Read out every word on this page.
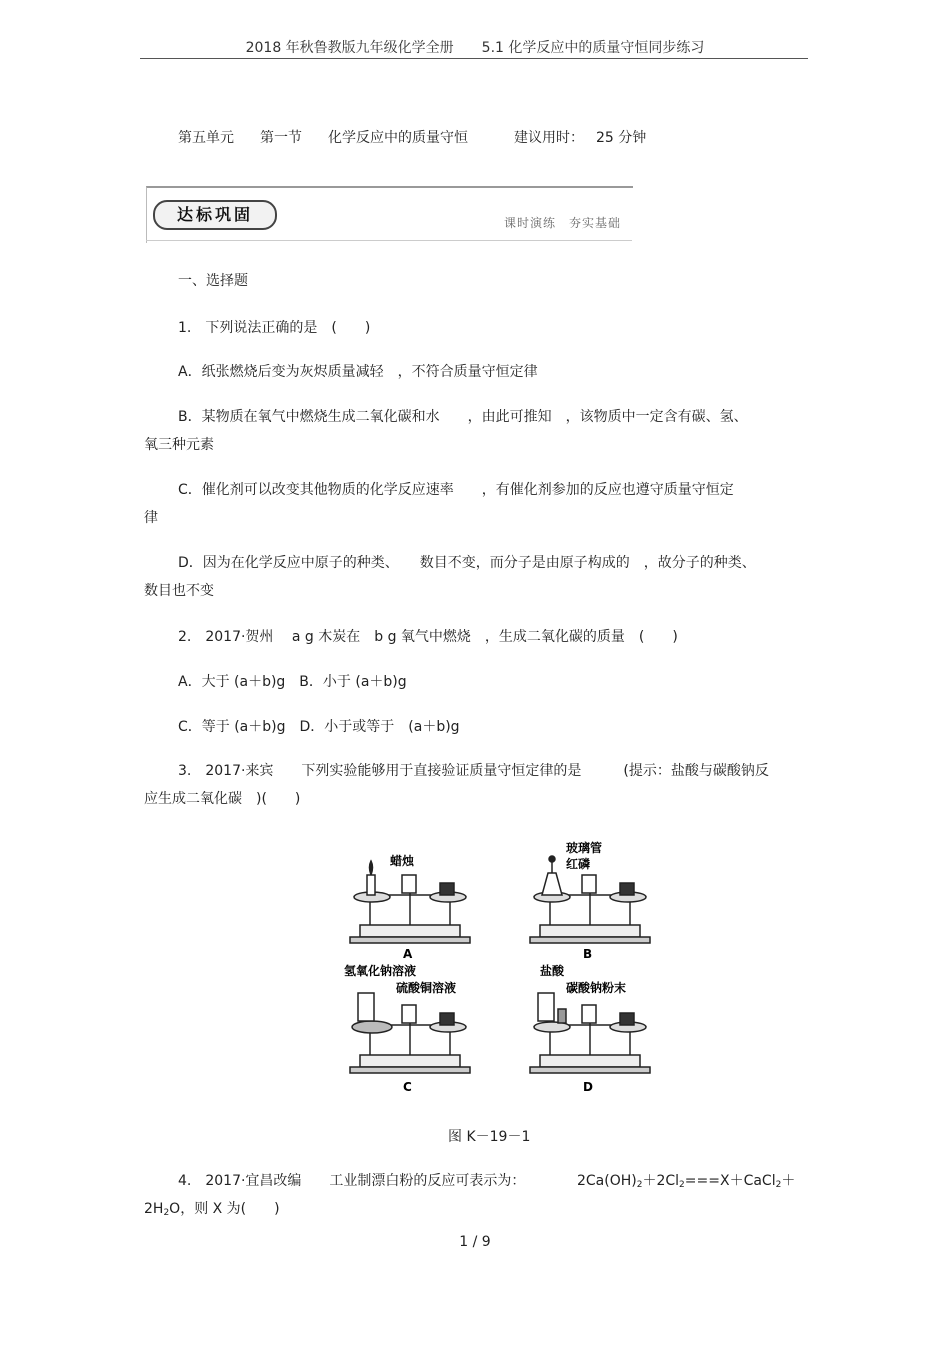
2018 年秋鲁教版九年级化学全册　　5.1 化学反应中的质量守恒同步练习
第五单元 第一节 化学反应中的质量守恒	建议用时： 25 分钟
达标巩固	课时演练　夯实基础
一、选择题
1.　下列说法正确的是　(　　)
A．纸张燃烧后变为灰烬质量减轻　，不符合质量守恒定律
B．某物质在氧气中燃烧生成二氧化碳和水　　，由此可推知　，该物质中一定含有碳、氢、
氧三种元素
C．催化剂可以改变其他物质的化学反应速率　　，有催化剂参加的反应也遵守质量守恒定
律
D．因为在化学反应中原子的种类、　　数目不变，而分子是由原子构成的　，故分子的种类、
数目也不变
2.　2017·贺州　 a g 木炭在　b g 氧气中燃烧　，生成二氧化碳的质量　(　　)
A．大于 (a＋b)g　B．小于 (a＋b)g
C．等于 (a＋b)g　D．小于或等于　(a＋b)g
3.　2017·来宾　　下列实验能够用于直接验证质量守恒定律的是　　　(提示：盐酸与碳酸钠反
应生成二氧化碳　)(　　)
A	B
C	D
蜡烛
玻璃管
红磷
氢氧化钠溶液
硫酸铜溶液
盐酸
碳酸钠粉末
图 K－19－1
4.　2017·宜昌改编　　工业制漂白粉的反应可表示为：	$2Ca(OH)_2+2Cl_2===X+CaCl_2+$
$2H_2O$，则 X 为(　　)
1 / 9
